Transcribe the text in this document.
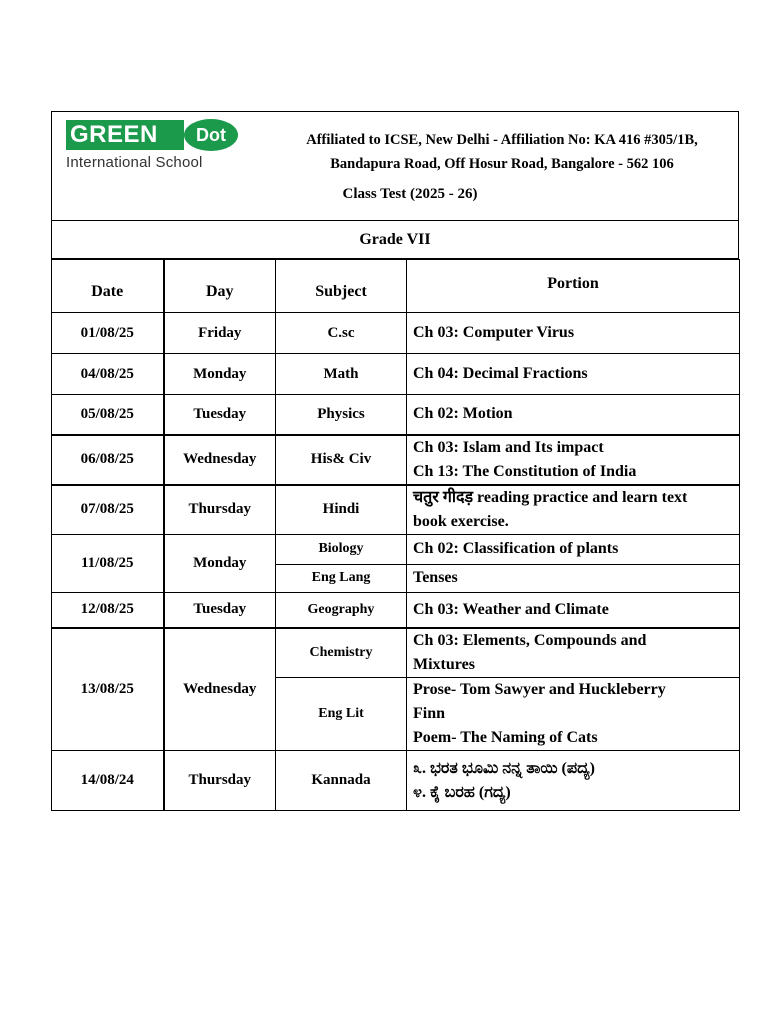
GREEN Dot
International School
Affiliated to ICSE, New Delhi - Affiliation No: KA 416 #305/1B,
Bandapura Road, Off Hosur Road, Bangalore - 562 106
Class Test (2025 - 26)
Grade VII
Date	Day	Subject	Portion
01/08/25	Friday	C.sc	Ch 03: Computer Virus

04/08/25	Monday	Math	Ch 04: Decimal Fractions

05/08/25	Tuesday	Physics	Ch 02: Motion

06/08/25	Wednesday	His& Civ	Ch 03: Islam and Its impact
Ch 13: The Constitution of India

07/08/25	Thursday	Hindi	चतुर गीदड़ reading practice and learn text
book exercise.

11/08/25	Monday	Biology	Ch 02: Classification of plants

		Eng Lang	Tenses

12/08/25	Tuesday	Geography	Ch 03: Weather and Climate

13/08/25	Wednesday	Chemistry	Ch 03: Elements, Compounds and
Mixtures

		Eng Lit	Prose- Tom Sawyer and Huckleberry
Finn
Poem- The Naming of Cats

14/08/24	Thursday	Kannada	೩. ಭರತ ಭೂಮಿ ನನ್ನ ತಾಯಿ (ಪದ್ಯ)
೪. ಕೈ ಬರಹ (ಗದ್ಯ)
